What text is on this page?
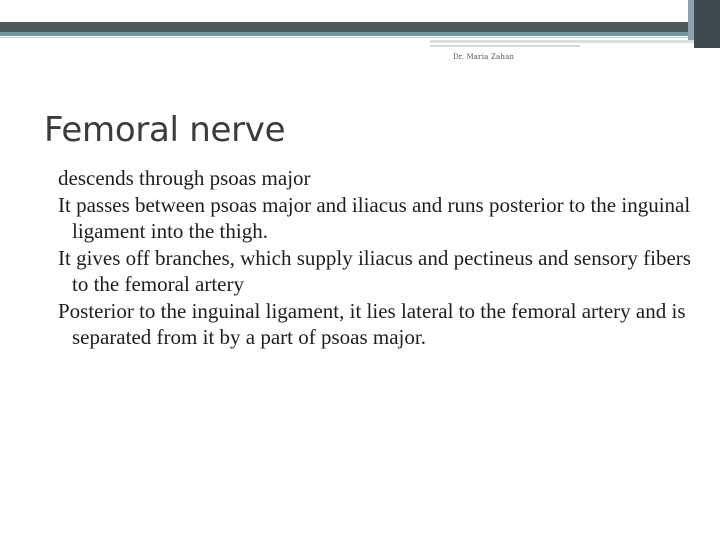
Dr. Maria Zahan
Femoral nerve
descends through psoas major
It passes between psoas major and iliacus and runs posterior to the inguinal ligament into the thigh.
It gives off branches, which supply iliacus and pectineus and sensory fibers to the femoral artery
Posterior to the inguinal ligament, it lies lateral to the femoral artery and is separated from it by a part of psoas major.
